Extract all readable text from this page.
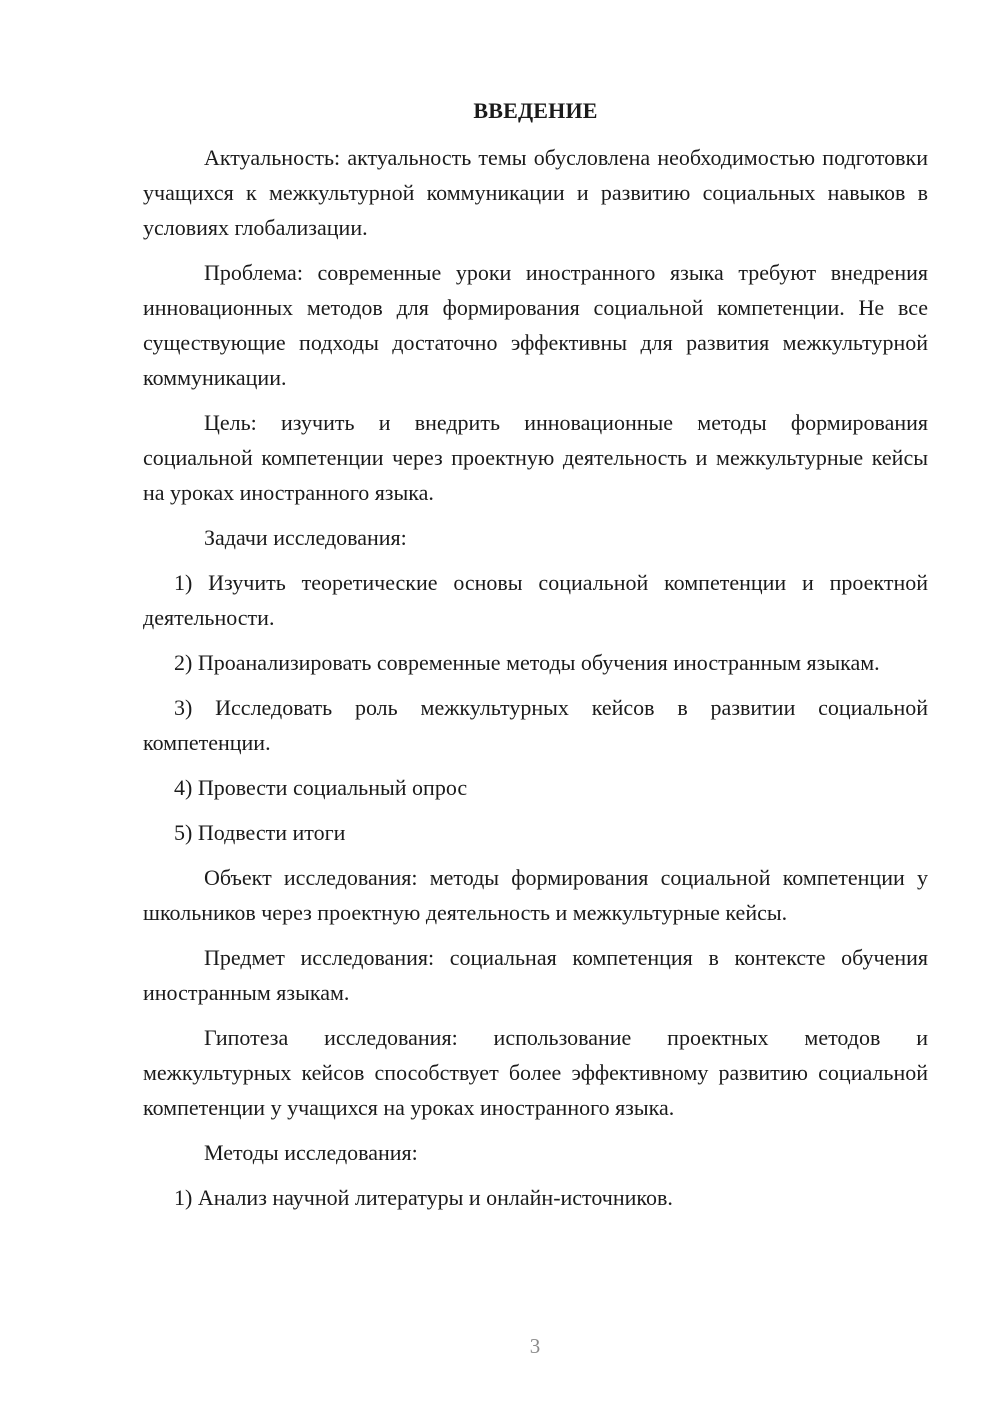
ВВЕДЕНИЕ

Актуальность: актуальность темы обусловлена необходимостью подготовки учащихся к межкультурной коммуникации и развитию социальных навыков в условиях глобализации.

Проблема: современные уроки иностранного языка требуют внедрения инновационных методов для формирования социальной компетенции. Не все существующие подходы достаточно эффективны для развития межкультурной коммуникации.

Цель: изучить и внедрить инновационные методы формирования социальной компетенции через проектную деятельность и межкультурные кейсы на уроках иностранного языка.

Задачи исследования:

1) Изучить теоретические основы социальной компетенции и проектной деятельности.

2) Проанализировать современные методы обучения иностранным языкам.

3) Исследовать роль межкультурных кейсов в развитии социальной компетенции.

4) Провести социальный опрос

5) Подвести итоги

Объект исследования: методы формирования социальной компетенции у школьников через проектную деятельность и межкультурные кейсы.

Предмет исследования: социальная компетенция в контексте обучения иностранным языкам.

Гипотеза исследования: использование проектных методов и межкультурных кейсов способствует более эффективному развитию социальной компетенции у учащихся на уроках иностранного языка.

Методы исследования:

1) Анализ научной литературы и онлайн-источников.

3
